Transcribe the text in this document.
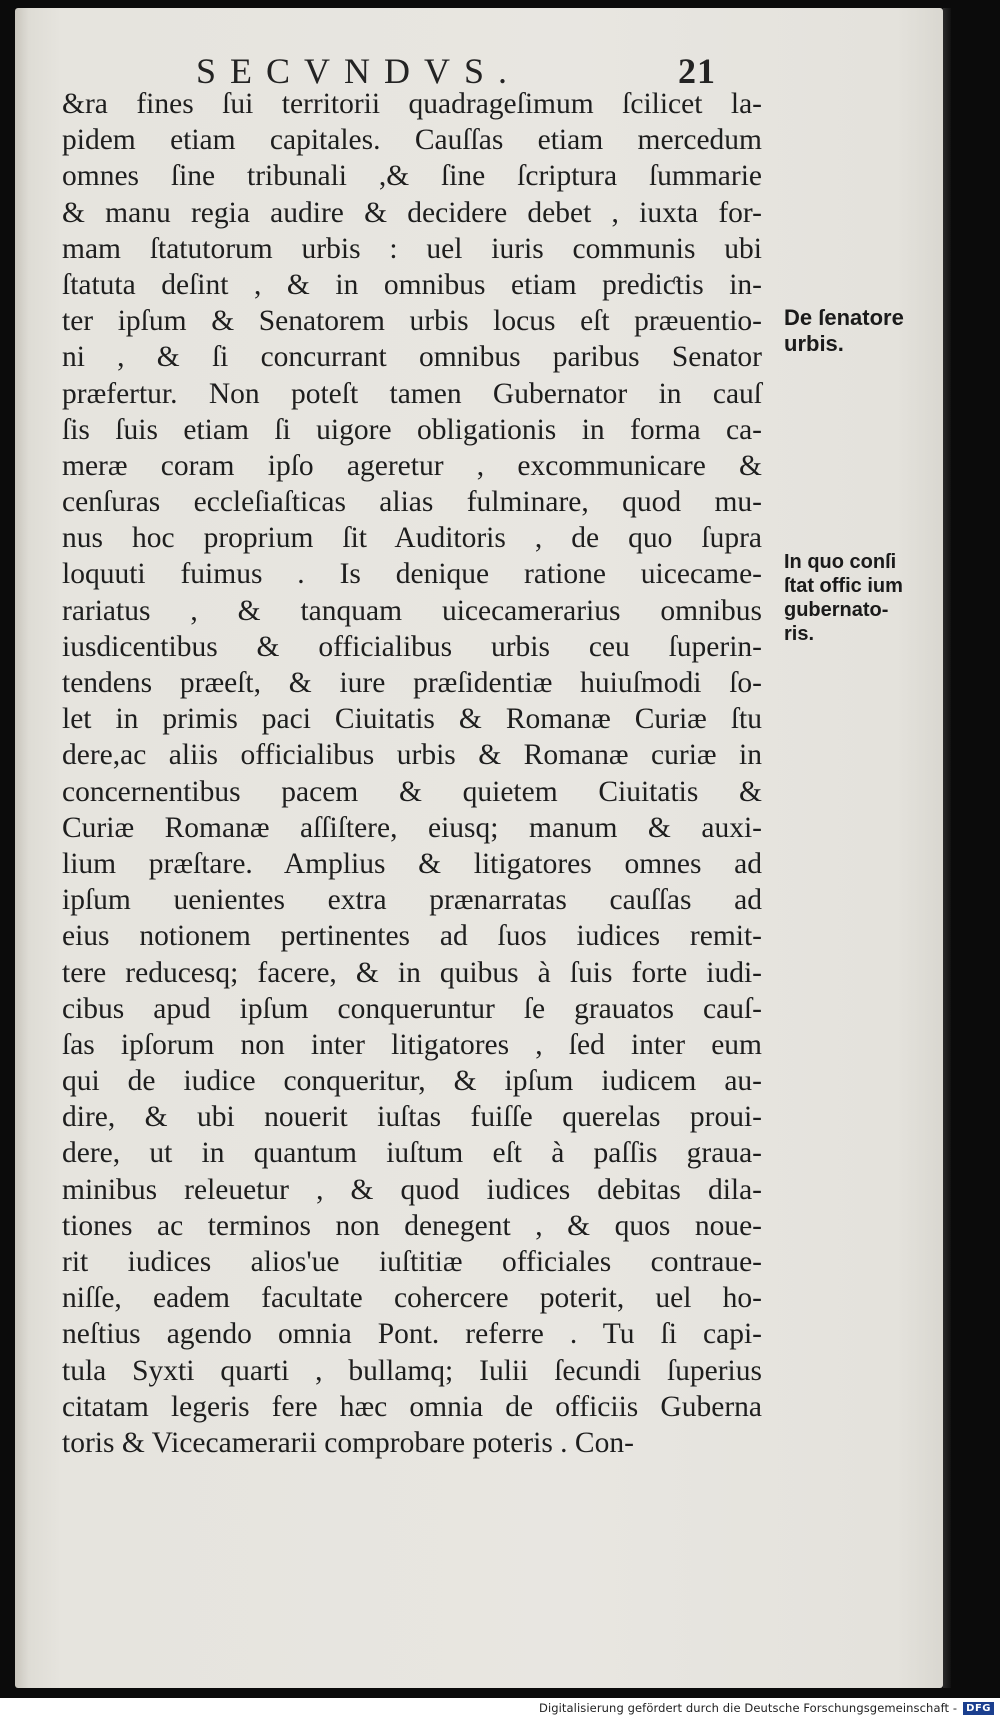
SECVNDVS.	21
&ra fines ſui territorii quadrageſimum ſcilicet la-
pidem etiam capitales. Cauſſas etiam mercedum
omnes ſine tribunali ,& ſine ſcriptura ſummarie
& manu regia audire & decidere debet , iuxta for-
mam ſtatutorum urbis : uel iuris communis ubi
ſtatuta deſint , & in omnibus etiam prediƈtis in-
ter ipſum & Senatorem urbis locus eſt præuentio-
ni , & ſi concurrant omnibus paribus Senator
præfertur. Non poteſt tamen Gubernator in cauſ
ſis ſuis etiam ſi uigore obligationis in forma ca-
meræ coram ipſo ageretur , excommunicare &
cenſuras eccleſiaſticas alias fulminare, quod mu-
nus hoc proprium ſit Auditoris , de quo ſupra
loquuti fuimus . Is denique ratione uicecame-
rariatus , & tanquam uicecamerarius omnibus
iusdicentibus & officialibus urbis ceu ſuperin-
tendens præeſt, & iure præſidentiæ huiuſmodi ſo-
let in primis paci Ciuitatis & Romanæ Curiæ ſtu
dere,ac aliis officialibus urbis & Romanæ curiæ in
concernentibus pacem & quietem Ciuitatis &
Curiæ Romanæ aſſiſtere, eiusq; manum & auxi-
lium præſtare. Amplius & litigatores omnes ad
ipſum uenientes extra prænarratas cauſſas ad
eius notionem pertinentes ad ſuos iudices remit-
tere reducesq; facere, & in quibus à ſuis forte iudi-
cibus apud ipſum conqueruntur ſe grauatos cauſ-
ſas ipſorum non inter litigatores , ſed inter eum
qui de iudice conqueritur, & ipſum iudicem au-
dire, & ubi nouerit iuſtas fuiſſe querelas proui-
dere, ut in quantum iuſtum eſt à paſſis graua-
minibus releuetur , & quod iudices debitas dila-
tiones ac terminos non denegent , & quos noue-
rit iudices alios'ue iuſtitiæ officiales contraue-
niſſe, eadem facultate cohercere poterit, uel ho-
neſtius agendo omnia Pont. referre . Tu ſi capi-
tula Syxti quarti , bullamq; Iulii ſecundi ſuperius
citatam legeris fere hæc omnia de officiis Guberna
toris & Vicecamerarii comprobare poteris . Con-
De ſenatore
urbis.
In quo conſi
ſtat offic ium
gubernato-
ris.
Digitalisierung gefördert durch die Deutsche Forschungsgemeinschaft - DFG
